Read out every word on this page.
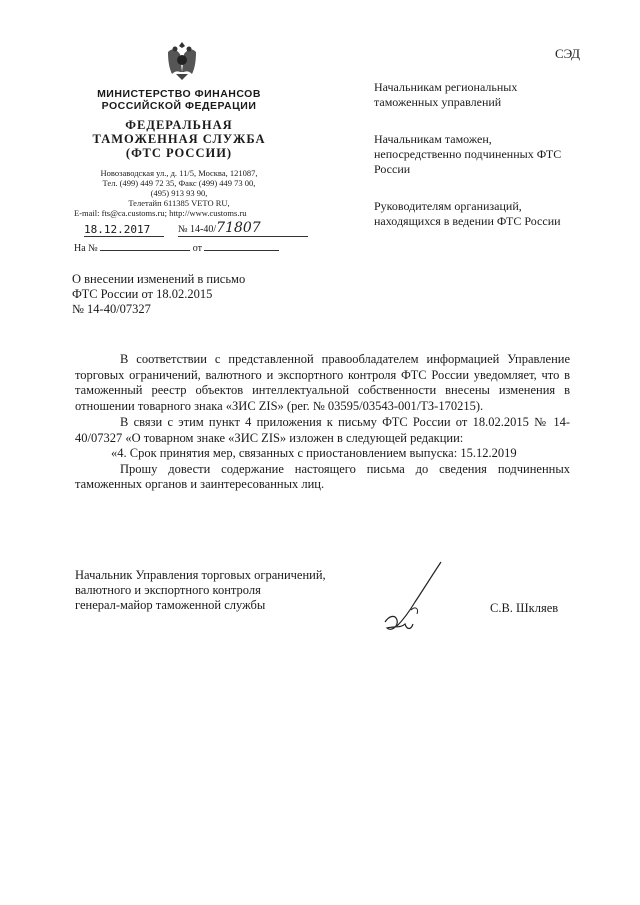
СЭД
МИНИСТЕРСТВО ФИНАНСОВ
РОССИЙСКОЙ ФЕДЕРАЦИИ
ФЕДЕРАЛЬНАЯ
ТАМОЖЕННАЯ СЛУЖБА
(ФТС РОССИИ)
Новозаводская ул., д. 11/5, Москва, 121087,
Тел. (499) 449 72 35, Факс (499) 449 73 00,
(495) 913 93 90,
Телетайп 611385 VETO RU,
E-mail: fts@ca.customs.ru; http://www.customs.ru
18.12.2017	№ 14-40/71807
На №	от
Начальникам региональных таможенных управлений
Начальникам таможен, непосредственно подчиненных ФТС России
Руководителям организаций, находящихся в ведении ФТС России
О внесении изменений в письмо
ФТС России от 18.02.2015
№ 14-40/07327

В соответствии с представленной правообладателем информацией Управление торговых ограничений, валютного и экспортного контроля ФТС России уведомляет, что в таможенный реестр объектов интеллектуальной собственности внесены изменения в отношении товарного знака «ЗИС ZIS» (рег. № 03595/03543-001/ТЗ-170215).

В связи с этим пункт 4 приложения к письму ФТС России от 18.02.2015 № 14-40/07327 «О товарном знаке «ЗИС ZIS» изложен в следующей редакции:

«4. Срок принятия мер, связанных с приостановлением выпуска: 15.12.2019

Прошу довести содержание настоящего письма до сведения подчиненных таможенных органов и заинтересованных лиц.

Начальник Управления торговых ограничений,
валютного и экспортного контроля
генерал-майор таможенной службы	С.В. Шкляев
